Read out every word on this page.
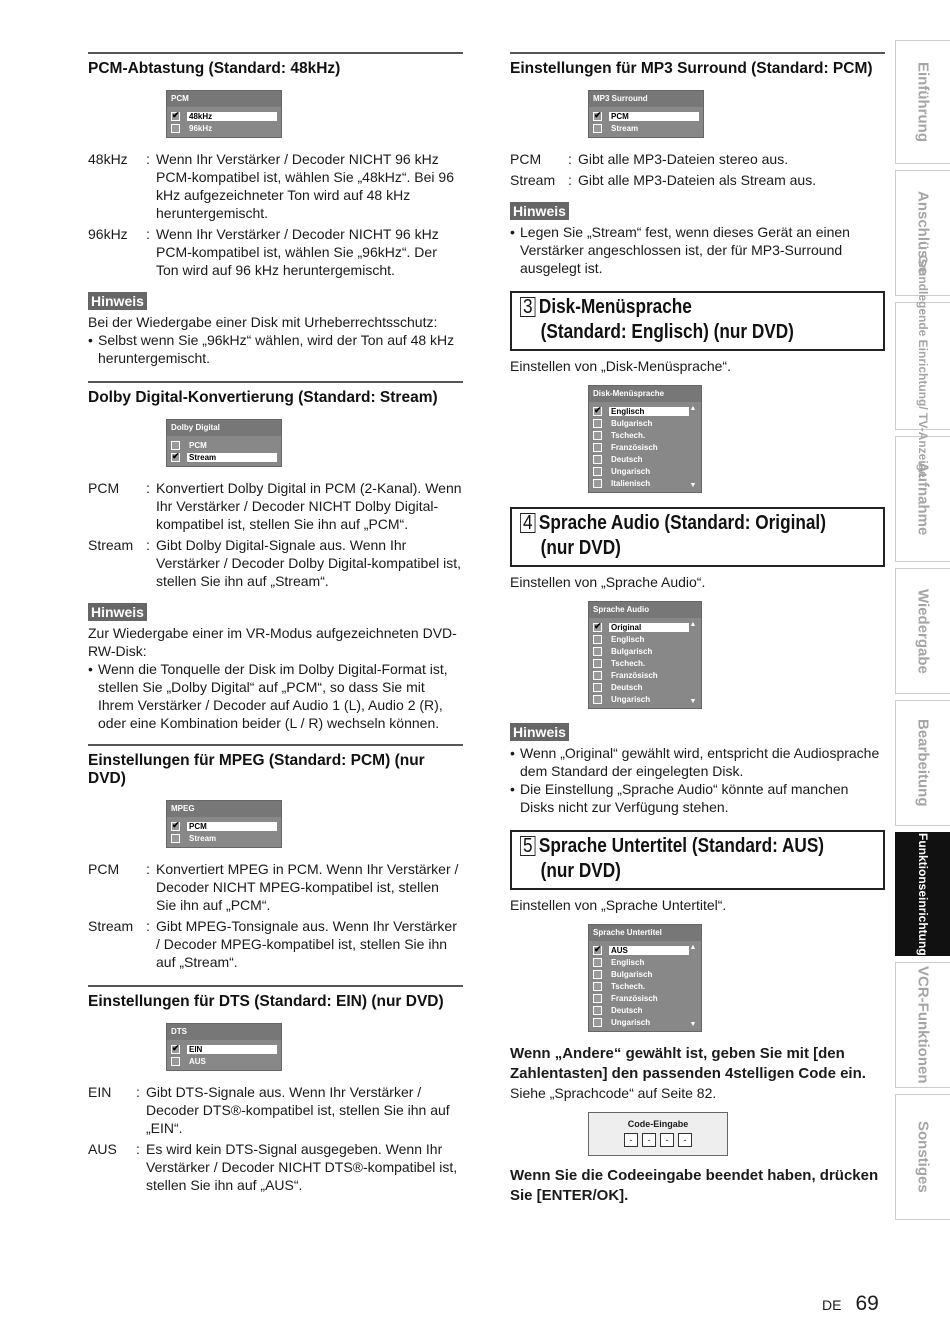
PCM-Abtastung (Standard: 48kHz)
PCM
✔
48kHz
96kHz
48kHz	: Wenn Ihr Verstärker / Decoder NICHT 96 kHz PCM-kompatibel ist, wählen Sie „48kHz“. Bei 96 kHz aufgezeichneter Ton wird auf 48 kHz heruntergemischt.
96kHz	: Wenn Ihr Verstärker / Decoder NICHT 96 kHz PCM-kompatibel ist, wählen Sie „96kHz“. Der Ton wird auf 96 kHz heruntergemischt.
Hinweis
Bei der Wiedergabe einer Disk mit Urheberrechtsschutz:
• Selbst wenn Sie „96kHz“ wählen, wird der Ton auf 48 kHz heruntergemischt.
Dolby Digital-Konvertierung (Standard: Stream)
Dolby Digital
PCM
✔
Stream
PCM	: Konvertiert Dolby Digital in PCM (2-Kanal). Wenn Ihr Verstärker / Decoder NICHT Dolby Digital-kompatibel ist, stellen Sie ihn auf „PCM“.
Stream : Gibt Dolby Digital-Signale aus. Wenn Ihr Verstärker / Decoder Dolby Digital-kompatibel ist, stellen Sie ihn auf „Stream“.
Hinweis
Zur Wiedergabe einer im VR-Modus aufgezeichneten DVD-RW-Disk:
• Wenn die Tonquelle der Disk im Dolby Digital-Format ist, stellen Sie „Dolby Digital“ auf „PCM“, so dass Sie mit Ihrem Verstärker / Decoder auf Audio 1 (L), Audio 2 (R), oder eine Kombination beider (L / R) wechseln können.
Einstellungen für MPEG (Standard: PCM) (nur DVD)
MPEG
✔
PCM
Stream
PCM	: Konvertiert MPEG in PCM. Wenn Ihr Verstärker / Decoder NICHT MPEG-kompatibel ist, stellen Sie ihn auf „PCM“.
Stream : Gibt MPEG-Tonsignale aus. Wenn Ihr Verstärker / Decoder MPEG-kompatibel ist, stellen Sie ihn auf „Stream“.
Einstellungen für DTS (Standard: EIN) (nur DVD)
DTS
✔
EIN
AUS
EIN	: Gibt DTS-Signale aus. Wenn Ihr Verstärker / Decoder DTS®-kompatibel ist, stellen Sie ihn auf „EIN“.
AUS	: Es wird kein DTS-Signal ausgegeben. Wenn Ihr Verstärker / Decoder NICHT DTS®-kompatibel ist, stellen Sie ihn auf „AUS“.
Einstellungen für MP3 Surround (Standard: PCM)
MP3 Surround
✔
PCM
Stream
PCM	: Gibt alle MP3-Dateien stereo aus.
Stream : Gibt alle MP3-Dateien als Stream aus.
Hinweis
• Legen Sie „Stream“ fest, wenn dieses Gerät an einen Verstärker angeschlossen ist, der für MP3-Surround ausgelegt ist.
3 Disk-Menüsprache
(Standard: Englisch) (nur DVD)
Einstellen von „Disk-Menüsprache“.
Disk-Menüsprache
✔
Englisch
Bulgarisch
Tschech.
Französisch
Deutsch
Ungarisch
Italienisch
▲
▼
4 Sprache Audio (Standard: Original)
(nur DVD)
Einstellen von „Sprache Audio“.
Sprache Audio
✔
Original
Englisch
Bulgarisch
Tschech.
Französisch
Deutsch
Ungarisch
▲
▼
Hinweis
• Wenn „Original“ gewählt wird, entspricht die Audiosprache dem Standard der eingelegten Disk.
• Die Einstellung „Sprache Audio“ könnte auf manchen Disks nicht zur Verfügung stehen.
5 Sprache Untertitel (Standard: AUS)
(nur DVD)
Einstellen von „Sprache Untertitel“.
Sprache Untertitel
✔
AUS
Englisch
Bulgarisch
Tschech.
Französisch
Deutsch
Ungarisch
▲
▼
Wenn „Andere“ gewählt ist, geben Sie mit [den Zahlentasten] den passenden 4stelligen Code ein.
Siehe „Sprachcode“ auf Seite 82.
Code-Eingabe
-	-	-	-
Wenn Sie die Codeeingabe beendet haben, drücken Sie [ENTER/OK].
Einführung
Anschlüsse
Grundlegende Einrichtung/ TV-Anzeige
Aufnahme
Wiedergabe
Bearbeitung
Funktionseinrichtung
VCR-Funktionen
Sonstiges
DE 69
